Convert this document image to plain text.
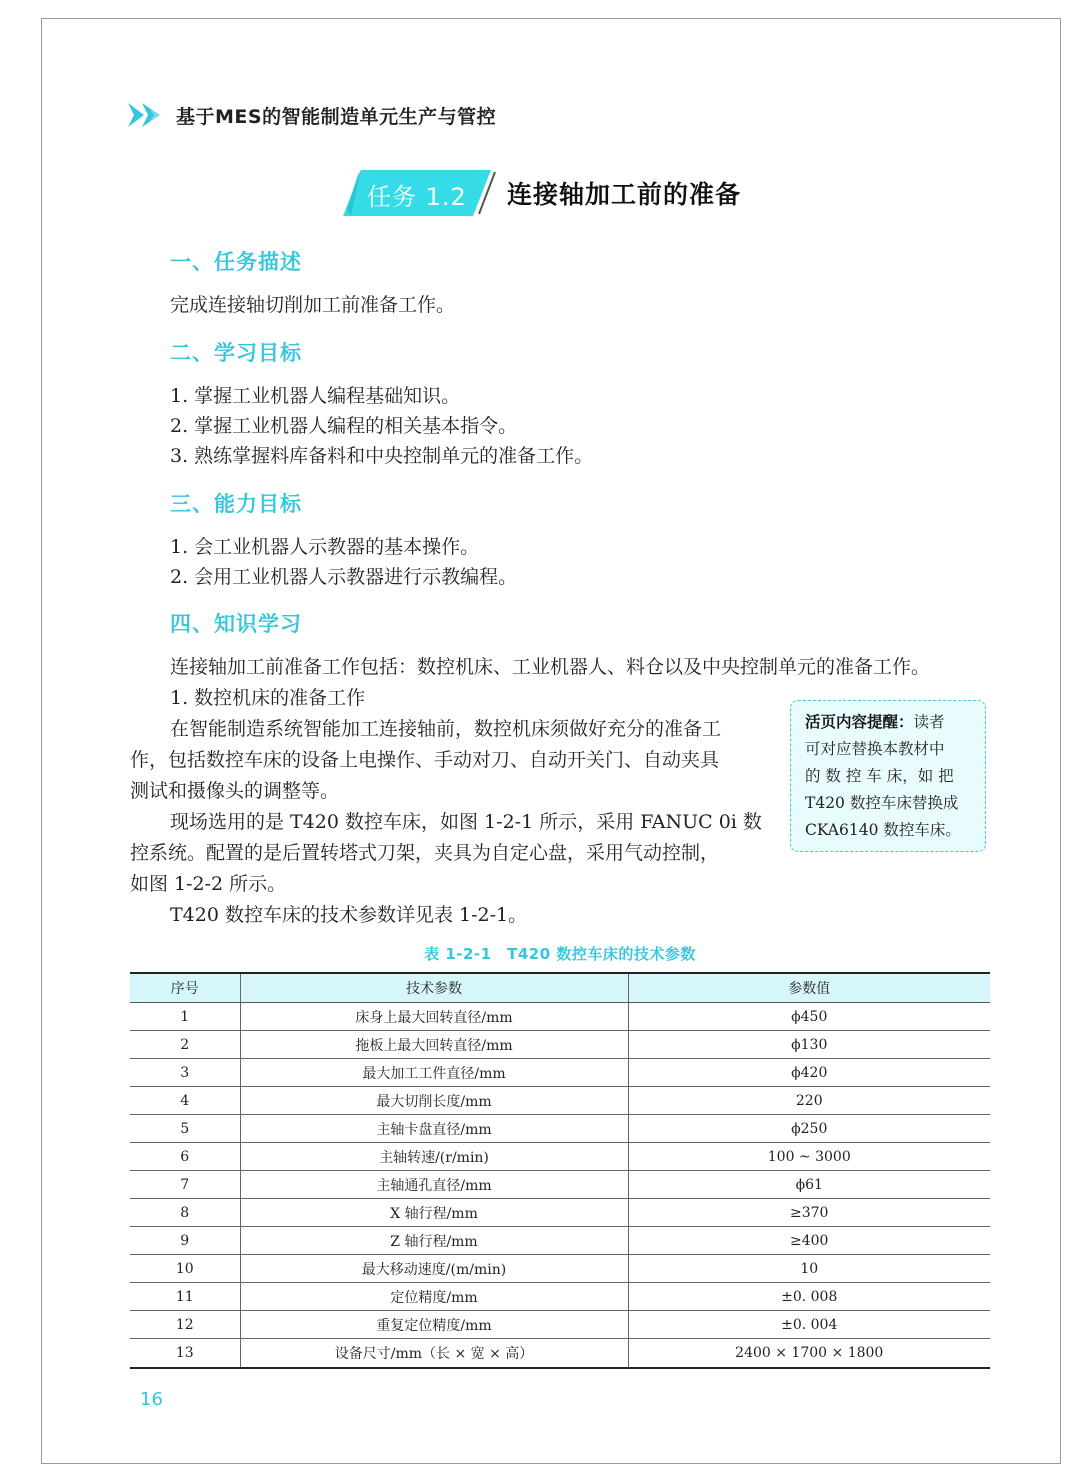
基于MES的智能制造单元生产与管控
任务 1.2 连接轴加工前的准备
一、任务描述
完成连接轴切削加工前准备工作。
二、学习目标
1. 掌握工业机器人编程基础知识。
2. 掌握工业机器人编程的相关基本指令。
3. 熟练掌握料库备料和中央控制单元的准备工作。
三、能力目标
1. 会工业机器人示教器的基本操作。
2. 会用工业机器人示教器进行示教编程。
四、知识学习
连接轴加工前准备工作包括：数控机床、工业机器人、料仓以及中央控制单元的准备工作。
1. 数控机床的准备工作
在智能制造系统智能加工连接轴前，数控机床须做好充分的准备工
作，包括数控车床的设备上电操作、手动对刀、自动开关门、自动夹具
测试和摄像头的调整等。
现场选用的是 T420 数控车床，如图 1-2-1 所示，采用 FANUC 0i 数
控系统。配置的是后置转塔式刀架，夹具为自定心盘，采用气动控制，
如图 1-2-2 所示。
T420 数控车床的技术参数详见表 1-2-1。
活页内容提醒：读者
可对应替换本教材中
的 数 控 车 床，如 把
T420 数控车床替换成
CKA6140 数控车床。
表 1-2-1　T420 数控车床的技术参数
序号	技术参数	参数值
1	床身上最大回转直径/mm	ϕ450
2	拖板上最大回转直径/mm	ϕ130
3	最大加工工件直径/mm	ϕ420
4	最大切削长度/mm	220
5	主轴卡盘直径/mm	ϕ250
6	主轴转速/(r/min)	100 ~ 3000
7	主轴通孔直径/mm	ϕ61
8	X 轴行程/mm	≥370
9	Z 轴行程/mm	≥400
10	最大移动速度/(m/min)	10
11	定位精度/mm	±0. 008
12	重复定位精度/mm	±0. 004
13	设备尺寸/mm（长 × 宽 × 高）	2400 × 1700 × 1800
16
